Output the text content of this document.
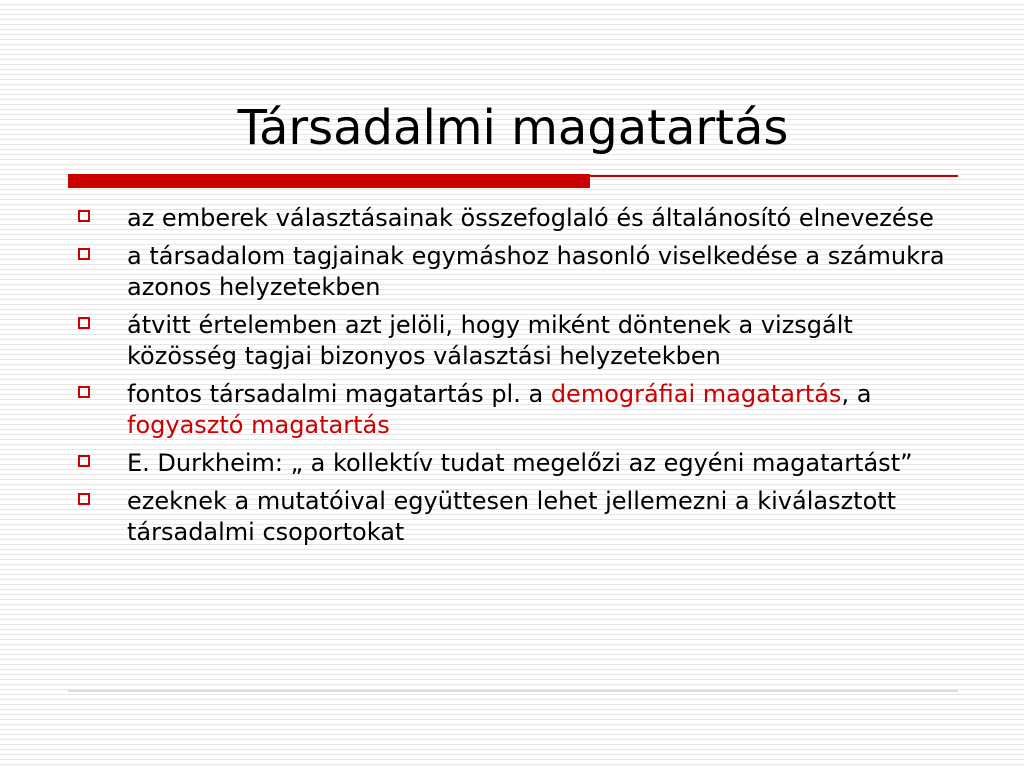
Társadalmi magatartás
az emberek választásainak összefoglaló és általánosító elnevezése
a társadalom tagjainak egymáshoz hasonló viselkedése a számukra azonos helyzetekben
átvitt értelemben azt jelöli, hogy miként döntenek a vizsgált közösség tagjai bizonyos választási helyzetekben
fontos társadalmi magatartás pl. a demográfiai magatartás, a fogyasztó magatartás
E. Durkheim: „ a kollektív tudat megelőzi az egyéni magatartást”
ezeknek a mutatóival együttesen lehet jellemezni a kiválasztott társadalmi csoportokat
